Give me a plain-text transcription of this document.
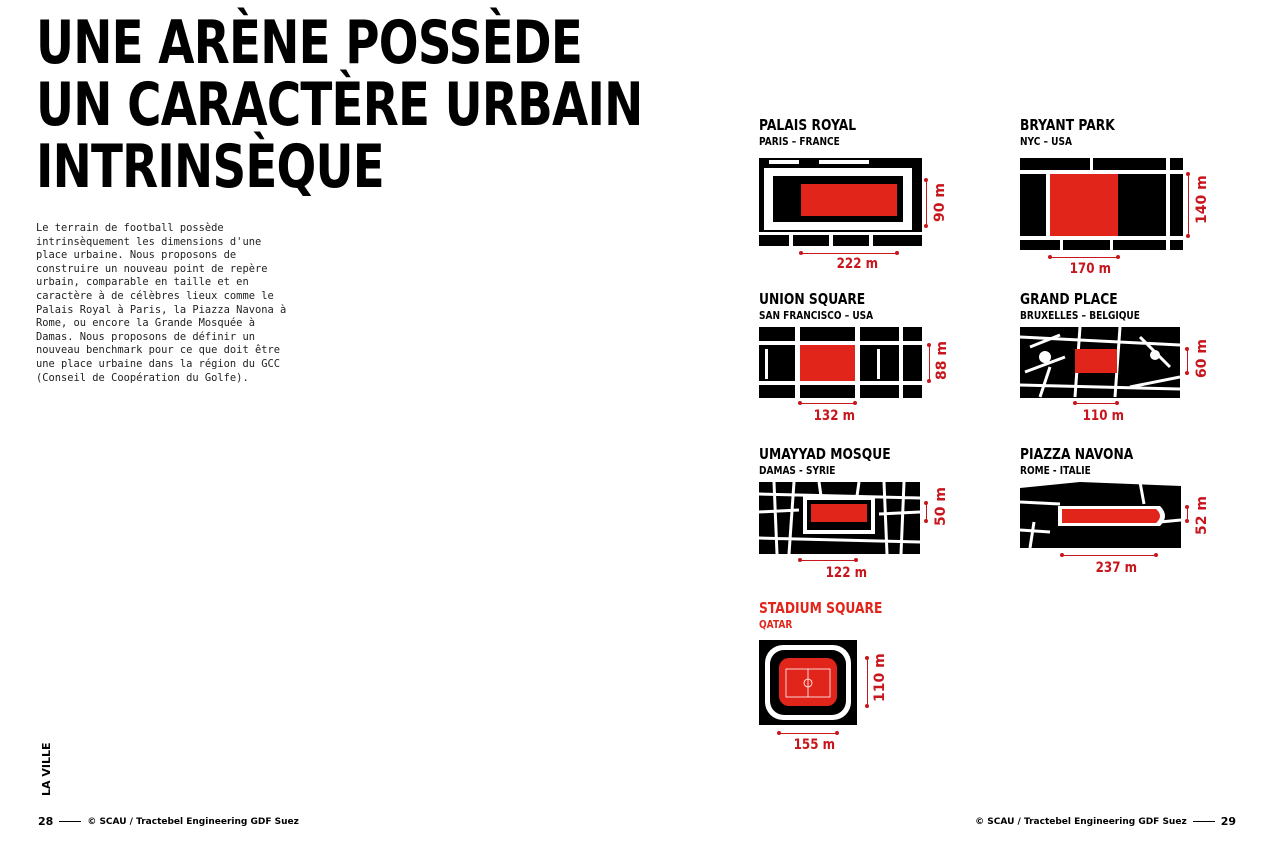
UNE ARÈNE POSSÈDE
UN CARACTÈRE URBAIN
INTRINSÈQUE

Le terrain de football possède intrinsèquement les dimensions d'une place urbaine. Nous proposons de construire un nouveau point de repère urbain, comparable en taille et en caractère à de célèbres lieux comme le Palais Royal à Paris, la Piazza Navona à Rome, ou encore la Grande Mosquée à Damas. Nous proposons de définir un nouveau benchmark pour ce que doit être une place urbaine dans la région du GCC (Conseil de Coopération du Golfe).

LA VILLE
28	© SCAU / Tractebel Engineering GDF Suez	© SCAU / Tractebel Engineering GDF Suez	29
PALAIS ROYAL
PARIS – FRANCE
222 m
90 m
BRYANT PARK
NYC – USA
170 m
140 m
UNION SQUARE
SAN FRANCISCO – USA
132 m
88 m
GRAND PLACE
BRUXELLES – BELGIQUE
110 m
60 m
UMAYYAD MOSQUE
DAMAS - SYRIE
122 m
50 m
PIAZZA NAVONA
ROME - ITALIE
237 m
52 m
STADIUM SQUARE
QATAR
155 m
110 m
